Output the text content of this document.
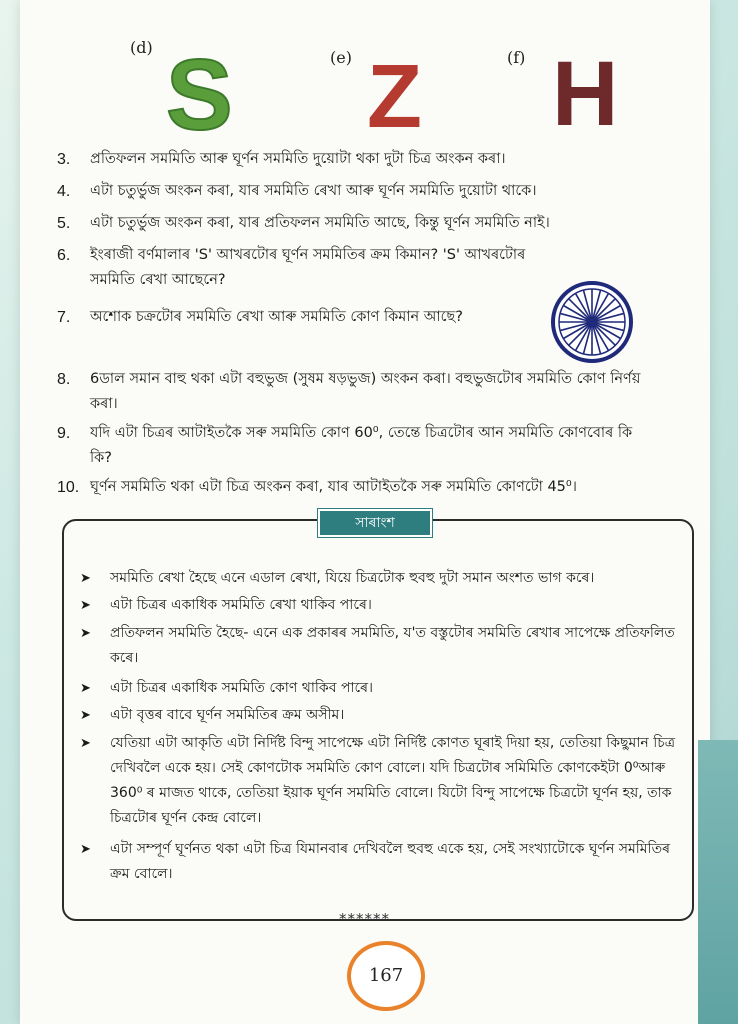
(d) S	(e) Z	(f) H
3.	প্ৰতিফলন সমমিতি আৰু ঘূৰ্ণন সমমিতি দুয়োটা থকা দুটা চিত্ৰ অংকন কৰা।
4.	এটা চতুৰ্ভুজ অংকন কৰা, যাৰ সমমিতি ৰেখা আৰু ঘূৰ্ণন সমমিতি দুয়োটা থাকে।
5.	এটা চতুৰ্ভুজ অংকন কৰা, যাৰ প্ৰতিফলন সমমিতি আছে, কিন্তু ঘূৰ্ণন সমমিতি নাই।
6.	ইংৰাজী বৰ্ণমালাৰ 'S' আখৰটোৰ ঘূৰ্ণন সমমিতিৰ ক্ৰম কিমান? 'S' আখৰটোৰ সমমিতি ৰেখা আছেনে?
7.	অশোক চক্ৰটোৰ সমমিতি ৰেখা আৰু সমমিতি কোণ কিমান আছে?
8.	6ডাল সমান বাহু থকা এটা বহুভুজ (সুষম ষড়ভুজ) অংকন কৰা। বহুভুজটোৰ সমমিতি কোণ নিৰ্ণয় কৰা।
9.	যদি এটা চিত্ৰৰ আটাইতকৈ সৰু সমমিতি কোণ 60⁰, তেন্তে চিত্ৰটোৰ আন সমমিতি কোণবোৰ কি কি?
10. ঘূৰ্ণন সমমিতি থকা এটা চিত্ৰ অংকন কৰা, যাৰ আটাইতকৈ সৰু সমমিতি কোণটো 45⁰।
সাৰাংশ
➤	সমমিতি ৰেখা হৈছে এনে এডাল ৰেখা, যিয়ে চিত্ৰটোক হুবহু দুটা সমান অংশত ভাগ কৰে।
➤	এটা চিত্ৰৰ একাধিক সমমিতি ৰেখা থাকিব পাৰে।
➤	প্ৰতিফলন সমমিতি হৈছে- এনে এক প্ৰকাৰৰ সমমিতি, য'ত বস্তুটোৰ সমমিতি ৰেখাৰ সাপেক্ষে প্ৰতিফলিত কৰে।
➤	এটা চিত্ৰৰ একাধিক সমমিতি কোণ থাকিব পাৰে।
➤	এটা বৃত্তৰ বাবে ঘূৰ্ণন সমমিতিৰ ক্ৰম অসীম।
➤	যেতিয়া এটা আকৃতি এটা নিৰ্দিষ্ট বিন্দু সাপেক্ষে এটা নিৰ্দিষ্ট কোণত ঘূৰাই দিয়া হয়, তেতিয়া কিছুমান চিত্ৰ দেখিবলৈ একে হয়। সেই কোণটোক সমমিতি কোণ বোলে। যদি চিত্ৰটোৰ সমিমিতি কোণকেইটা 0⁰আৰু 360⁰ ৰ মাজত থাকে, তেতিয়া ইয়াক ঘূৰ্ণন সমমিতি বোলে। যিটো বিন্দু সাপেক্ষে চিত্ৰটো ঘূৰ্ণন হয়, তাক চিত্ৰটোৰ ঘূৰ্ণন কেন্দ্ৰ বোলে।
➤	এটা সম্পূৰ্ণ ঘূৰ্ণনত থকা এটা চিত্ৰ যিমানবাৰ দেখিবলৈ হুবহু একে হয়, সেই সংখ্যাটোকে ঘূৰ্ণন সমমিতিৰ ক্ৰম বোলে।
******
167
